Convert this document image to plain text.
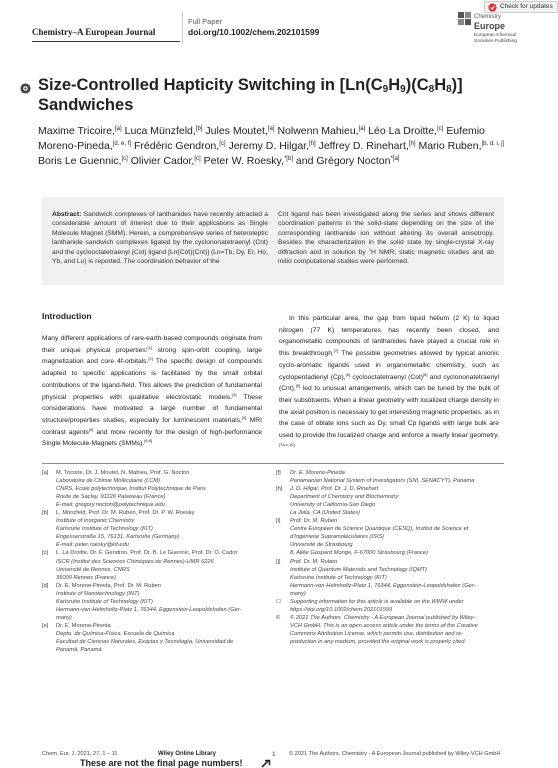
Chemistry–A European Journal
Full Paper
doi.org/10.1002/chem.202101599
Chemistry
Europe
European Chemical Societies Publishing
Check for updates
Size-Controlled Hapticity Switching in $[Ln(C_9H_9)(C_8H_8)]$
Sandwiches
Maxime Tricoire,[a] Luca Münzfeld,[b] Jules Moutet,[a] Nolwenn Mahieu,[a] Léo La Droitte,[c] Eufemio Moreno-Pineda,[d, e, f] Frédéric Gendron,[c] Jeremy D. Hilgar,[h] Jeffrey D. Rinehart,[h] Mario Ruben,[b, d, i, j] Boris Le Guennic,[c] Olivier Cador,[c] Peter W. Roesky,$^{*[b]}$ and Grégory Nocton$^{*[a]}$
Abstract: Sandwich complexes of lanthanides have recently attracted a considerable amount of interest due to their applications as Single Molecule Magnet (SMM). Herein, a comprehensive series of heteroleptic lanthanide sandwich complexes ligated by the cyclononatetraenyl (Cnt) and the cyclooctatetraenyl (Cot) ligand [Ln(Cot)(Cnt)] (Ln=Tb, Dy, Er, Ho, Yb, and Lu) is reported. The coordination behavior of the
Cnt ligand has been investigated along the series and shows different coordination patterns in the solid-state depending on the size of the corresponding lanthanide ion without altering its overall anisotropy. Besides the characterization in the solid state by single-crystal X-ray diffraction and in solution by $^1$H NMR, static magnetic studies and ab initio computational studies were performed.
Introduction
Many different applications of rare-earth-based compounds originate from their unique physical properties:[1] strong spin-orbit coupling, large magnetization and core 4f-orbitals.[2] The specific design of compounds adapted to specific applications is facilitated by the small orbital contributions of the ligand-field. This allows the prediction of fundamental physical properties with qualitative electrostatic models.[3] These considerations have motivated a large number of fundamental structure/properties studies, especially for luminescent materials,[4] MRI contrast agents[5] and more recently for the design of high-performance Single Molecule-Magnets (SMMs).[6-8]
In this particular area, the gap from liquid helium (2 K) to liquid nitrogen (77 K) temperatures has recently been closed, and organometallic compounds of lanthanides have played a crucial role in this breakthrough.[7] The possible geometries allowed by typical anionic cyclo-aromatic ligands used in organometallic chemistry, such as cyclopentadienyl (Cp),[6] cyclooctatetraenyl (Cot)[8] and cyclononatetraenyl (Cnt),[9] led to unusual arrangements, which can be tuned by the bulk of their substituents. When a linear geometry with localized charge density in the axial position is necessary to get interesting magnetic properties, as in the case of oblate ions such as Dy, small Cp ligands with large bulk are used to provide the localized charge and enforce a nearly linear geometry.[7a-c,10]
[a] M. Tricoire, Dr. J. Moutet, N. Mahieu, Prof. G. Nocton
Laboratoire de Chimie Moléculaire (LCM)
CNRS, Ecole polytechnique, Institut Polytechnique de Paris
Route de Saclay, 91120 Palaiseau (France)
E-mail: gregory.nocton@polytechnique.edu
[b] L. Münzfeld, Prof. Dr. M. Ruben, Prof. Dr. P. W. Roesky
Institute of Inorganic Chemistry
Karlsruhe Institute of Technology (KIT)
Engesserstraße 15, 76131, Karlsruhe (Germany)
E-mail: peter.roesky@kit.edu
[c] L. La Droitte, Dr. F. Gendron, Prof. Dr. B. Le Guennic, Prof. Dr. O. Cador
ISCR (Institut des Sciences Chimiques de Rennes)-UMR 6226
Université de Rennes, CNRS
35000 Rennes (France)
[d] Dr. E. Moreno-Pineda, Prof. Dr. M. Ruben
Institute of Nanotechnology (INT)
Karlsruhe Institute of Technology (KIT)
Hermann-von-Helmholtz-Platz 1, 76344, Eggenstein-Leopoldshafen (Ger-
many)
[e] Dr. E. Moreno-Pineda
Depto. de Química-Física, Escuela de Química
Facultad de Ciencias Naturales, Exactas y Tecnología, Universidad de
Panamá, Panamá
[f] Dr. E. Moreno-Pineda
Panamanian National System of Investigators (SNI, SENACYT), Panama
[h] J. D. Hilgar, Prof. Dr. J. D. Rinehart
Department of Chemistry and Biochemistry
University of California-San Diego
La Jolla, CA (United States)
[i] Prof. Dr. M. Ruben
Centre Européen de Science Quantique (CESQ), Institut de Science et
d'Ingénierie Supramoléculaires (ISIS)
Université de Strasbourg
8, Allée Gaspard Monge, F-67000 Strasbourg (France)
[j] Prof. Dr. M. Ruben
Institute of Quantum Materials and Technology (IQMT)
Karlsruhe Institute of Technology (KIT)
Hermann-von-Helmholtz-Platz 1, 76344, Eggenstein-Leopoldshafen (Ger-
many)
☐ Supporting information for this article is available on the WWW under
https://doi.org/10.1002/chem.202101599
© © 2021 The Authors. Chemistry - A European Journal published by Wiley-
VCH GmbH. This is an open access article under the terms of the Creative
Commons Attribution License, which permits use, distribution and re-
production in any medium, provided the original work is properly cited.
Chem. Eur. J. 2021, 27, 1 – 11	Wiley Online Library	1 © 2021 The Authors. Chemistry - A European Journal published by Wiley-VCH GmbH
These are not the final page numbers!
